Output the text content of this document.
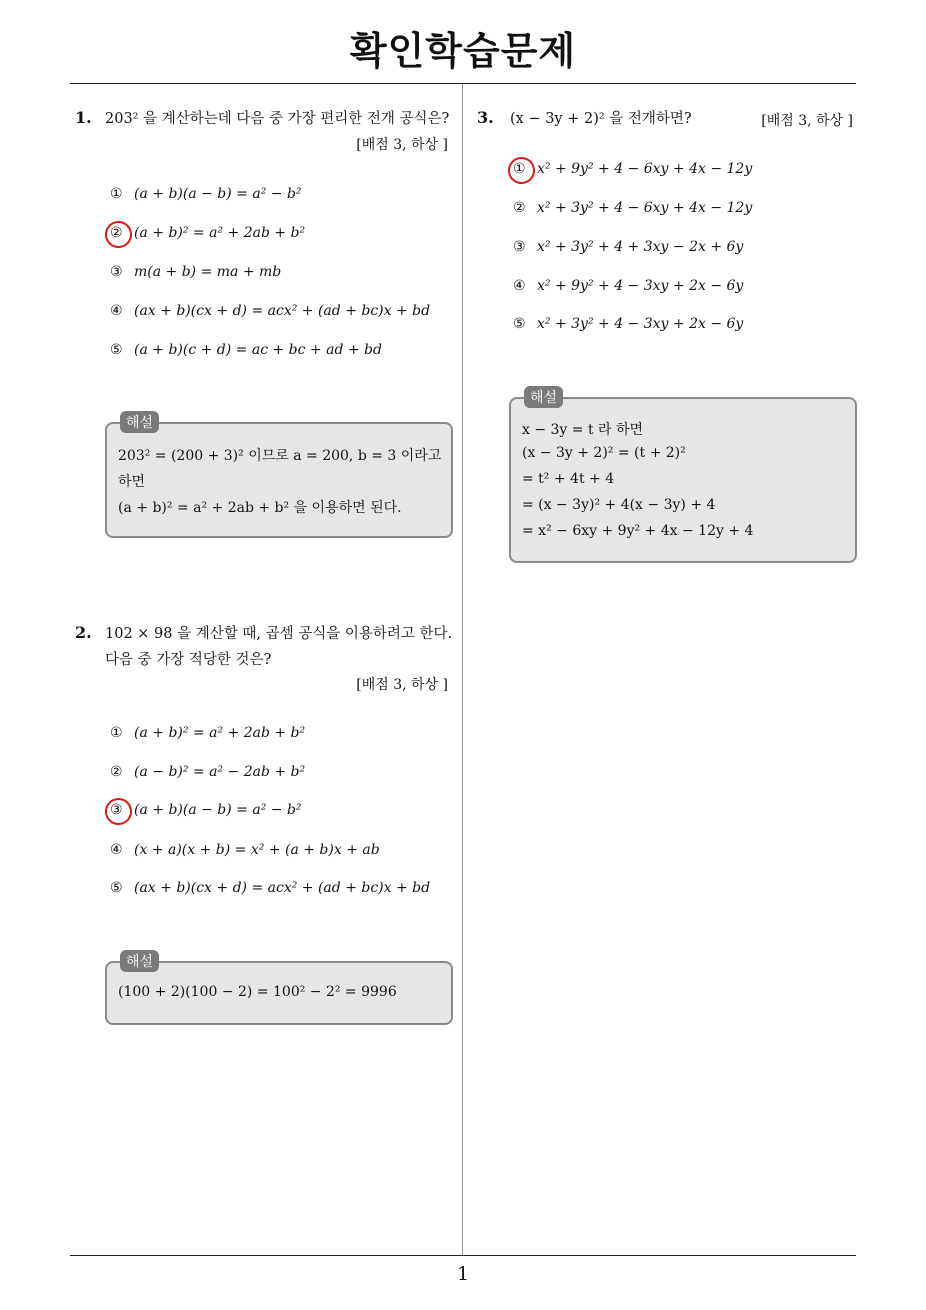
확인학습문제
1
1. 203² 을 계산하는데 다음 중 가장 편리한 전개 공식은?
[배점 3, 하상 ]
① (a + b)(a − b) = a² − b²
② (a + b)² = a² + 2ab + b²
③ m(a + b) = ma + mb
④ (ax + b)(cx + d) = acx² + (ad + bc)x + bd
⑤ (a + b)(c + d) = ac + bc + ad + bd
해설
203² = (200 + 3)² 이므로 a = 200, b = 3 이라고
하면
(a + b)² = a² + 2ab + b² 을 이용하면 된다.
2. 102 × 98 을 계산할 때, 곱셈 공식을 이용하려고 한다.
다음 중 가장 적당한 것은?
[배점 3, 하상 ]
① (a + b)² = a² + 2ab + b²
② (a − b)² = a² − 2ab + b²
③ (a + b)(a − b) = a² − b²
④ (x + a)(x + b) = x² + (a + b)x + ab
⑤ (ax + b)(cx + d) = acx² + (ad + bc)x + bd
해설
(100 + 2)(100 − 2) = 100² − 2² = 9996
3. (x − 3y + 2)² 을 전개하면?	[배점 3, 하상 ]
① x² + 9y² + 4 − 6xy + 4x − 12y
② x² + 3y² + 4 − 6xy + 4x − 12y
③ x² + 3y² + 4 + 3xy − 2x + 6y
④ x² + 9y² + 4 − 3xy + 2x − 6y
⑤ x² + 3y² + 4 − 3xy + 2x − 6y
해설
x − 3y = t 라 하면
(x − 3y + 2)² = (t + 2)²
= t² + 4t + 4
= (x − 3y)² + 4(x − 3y) + 4
= x² − 6xy + 9y² + 4x − 12y + 4
